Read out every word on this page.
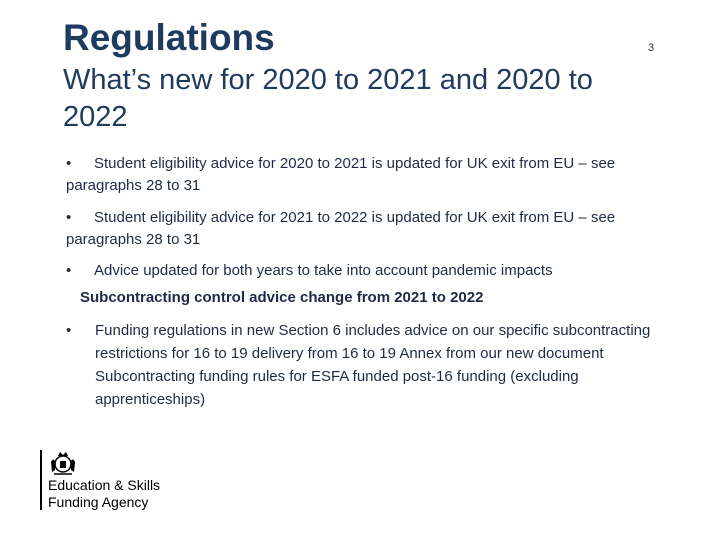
Regulations	3
What’s new for 2020 to 2021 and 2020 to 2022
• Student eligibility advice for 2020 to 2021 is updated for UK exit from EU – see paragraphs 28 to 31
• Student eligibility advice for 2021 to 2022 is updated for UK exit from EU – see paragraphs 28 to 31
• Advice updated for both years to take into account pandemic impacts
Subcontracting control advice change from 2021 to 2022
• Funding regulations in new Section 6 includes advice on our specific subcontracting restrictions for 16 to 19 delivery from 16 to 19 Annex from our new document Subcontracting funding rules for ESFA funded post-16 funding (excluding apprenticeships)
Education & Skills
Funding Agency
